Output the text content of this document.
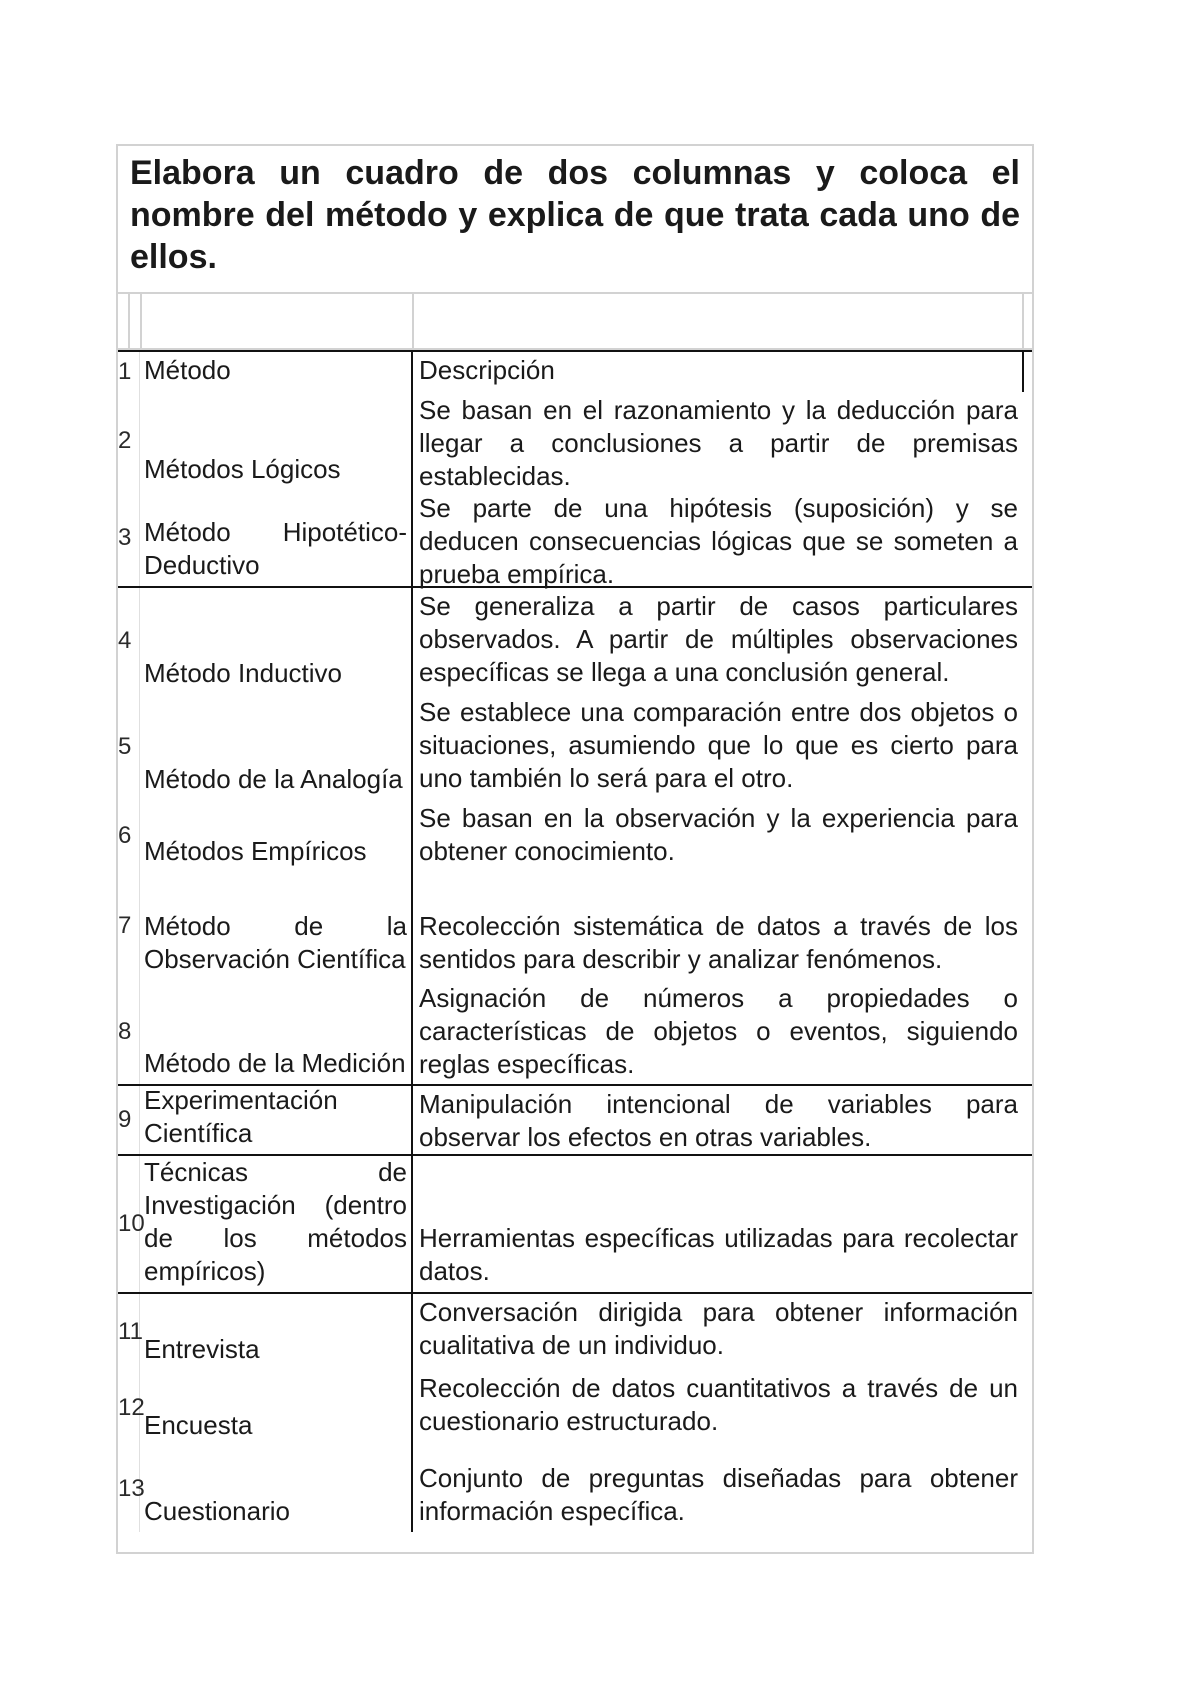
Elabora un cuadro de dos columnas y coloca el nombre del método y explica de que trata cada uno de ellos.
1 Método	Descripción
2
Métodos Lógicos
Se basan en el razonamiento y la deducción para llegar a conclusiones a partir de premisas establecidas.
3 Método Hipotético-Deductivo
Se parte de una hipótesis (suposición) y se deducen consecuencias lógicas que se someten a prueba empírica.
4
Método Inductivo
Se generaliza a partir de casos particulares observados. A partir de múltiples observaciones específicas se llega a una conclusión general.
5
Método de la Analogía
Se establece una comparación entre dos objetos o situaciones, asumiendo que lo que es cierto para uno también lo será para el otro.
6
Métodos Empíricos
Se basan en la observación y la experiencia para obtener conocimiento.
7 Método de la Observación Científica
Recolección sistemática de datos a través de los sentidos para describir y analizar fenómenos.
8
Método de la Medición
Asignación de números a propiedades o características de objetos o eventos, siguiendo reglas específicas.
9
Experimentación Científica
Manipulación intencional de variables para observar los efectos en otras variables.
10
Técnicas de Investigación (dentro de los métodos empíricos)
Herramientas específicas utilizadas para recolectar datos.
11
Entrevista
Conversación dirigida para obtener información cualitativa de un individuo.
12
Encuesta
Recolección de datos cuantitativos a través de un cuestionario estructurado.
13
Cuestionario
Conjunto de preguntas diseñadas para obtener información específica.
